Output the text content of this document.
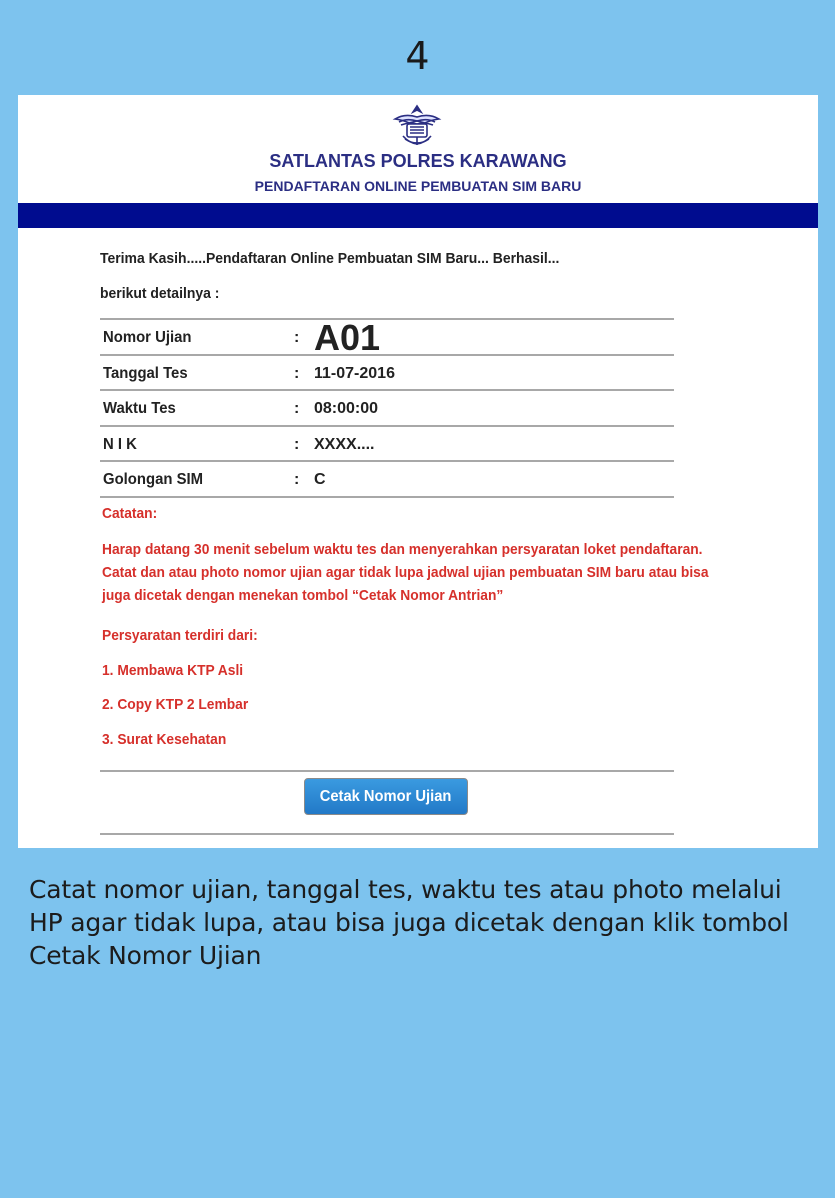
4
SATLANTAS POLRES KARAWANG
PENDAFTARAN ONLINE PEMBUATAN SIM BARU
Terima Kasih.....Pendaftaran Online Pembuatan SIM Baru... Berhasil...
berikut detailnya :
Nomor Ujian	: A01
Tanggal Tes	: 11-07-2016
Waktu Tes	: 08:00:00
N I K	: XXXX....
Golongan SIM	: C
Catatan:
Harap datang 30 menit sebelum waktu tes dan menyerahkan persyaratan loket pendaftaran. Catat dan atau photo nomor ujian agar tidak lupa jadwal ujian pembuatan SIM baru atau bisa juga dicetak dengan menekan tombol “Cetak Nomor Antrian”
Persyaratan terdiri dari:
1. Membawa KTP Asli
2. Copy KTP 2 Lembar
3. Surat Kesehatan
Cetak Nomor Ujian
Catat nomor ujian, tanggal tes, waktu tes atau photo melalui HP agar tidak lupa, atau bisa juga dicetak dengan klik tombol Cetak Nomor Ujian
